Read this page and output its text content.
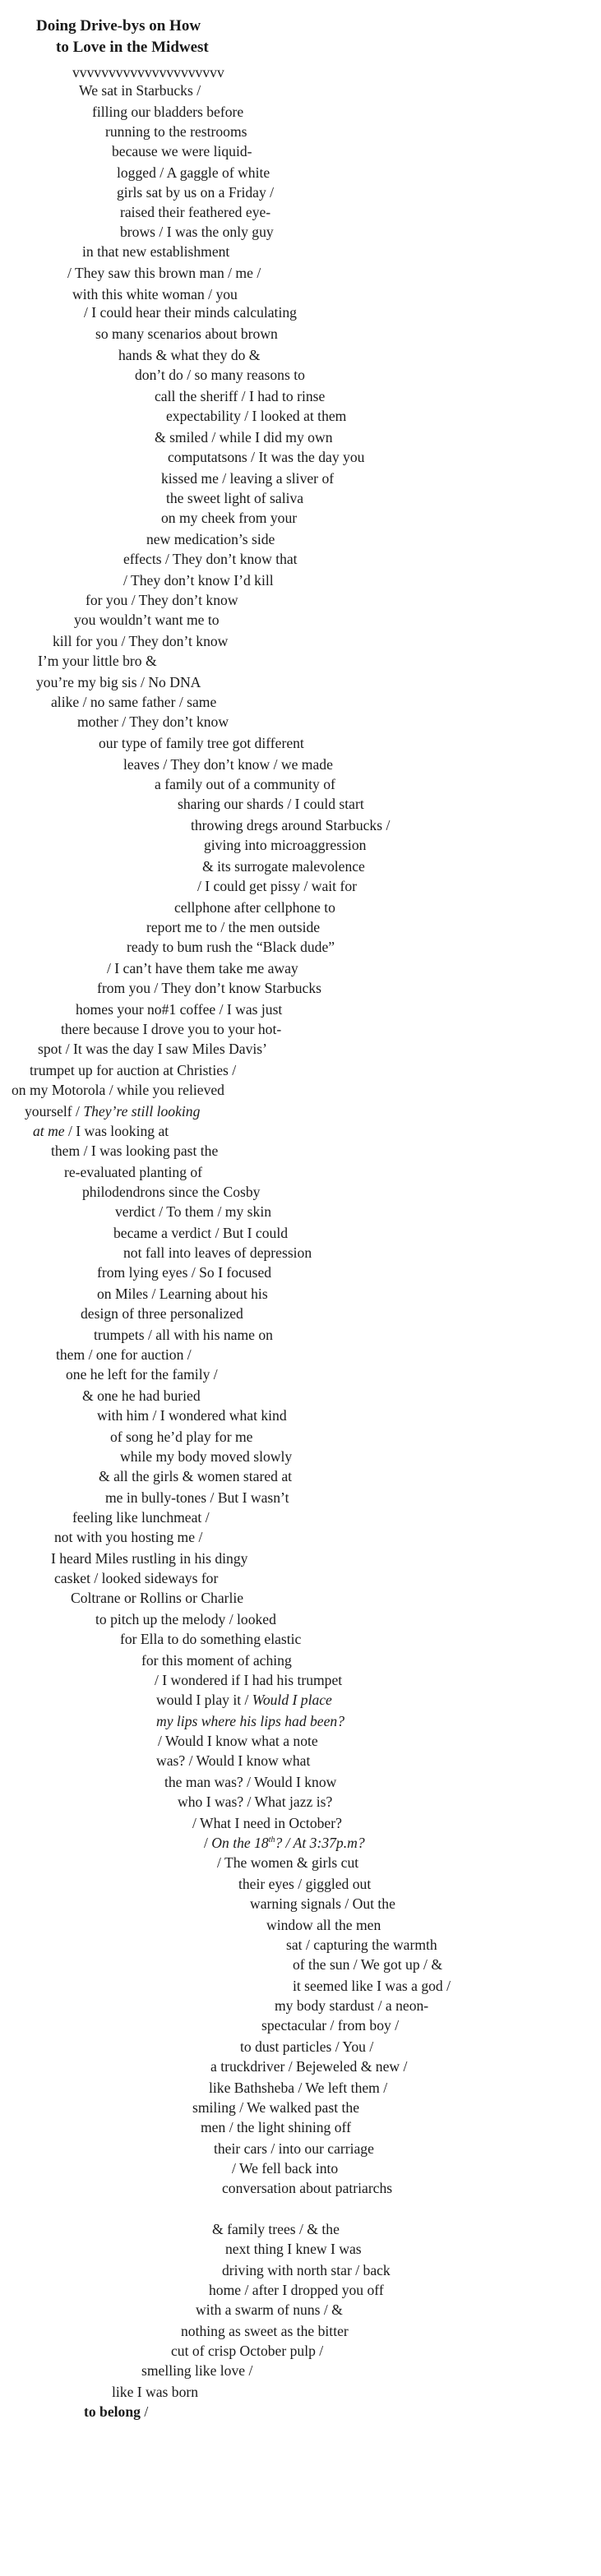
Doing Drive-bys on How
to Love in the Midwest
vvvvvvvvvvvvvvvvvvvvv
We sat in Starbucks /
filling our bladders before
running to the restrooms
because we were liquid-
logged / A gaggle of white
girls sat by us on a Friday /
raised their feathered eye-
brows / I was the only guy
in that new establishment
/ They saw this brown man / me /
with this white woman / you
/ I could hear their minds calculating
so many scenarios about brown
hands & what they do &
don’t do / so many reasons to
call the sheriff / I had to rinse
expectability / I looked at them
& smiled / while I did my own
computatsons / It was the day you
kissed me / leaving a sliver of
the sweet light of saliva
on my cheek from your
new medication’s side
effects / They don’t know that
/ They don’t know I’d kill
for you / They don’t know
you wouldn’t want me to
kill for you / They don’t know
I’m your little bro &
you’re my big sis / No DNA
alike / no same father / same
mother / They don’t know
our type of family tree got different
leaves / They don’t know / we made
a family out of a community of
sharing our shards / I could start
throwing dregs around Starbucks /
giving into microaggression
& its surrogate malevolence
/ I could get pissy / wait for
cellphone after cellphone to
report me to / the men outside
ready to bum rush the “Black dude”
/ I can’t have them take me away
from you / They don’t know Starbucks
homes your no#1 coffee / I was just
there because I drove you to your hot-
spot / It was the day I saw Miles Davis’
trumpet up for auction at Christies /
on my Motorola / while you relieved
yourself / They’re still looking
at me / I was looking at
them / I was looking past the
re-evaluated planting of
philodendrons since the Cosby
verdict / To them / my skin
became a verdict / But I could
not fall into leaves of depression
from lying eyes / So I focused
on Miles / Learning about his
design of three personalized
trumpets / all with his name on
them / one for auction /
one he left for the family /
& one he had buried
with him / I wondered what kind
of song he’d play for me
while my body moved slowly
& all the girls & women stared at
me in bully-tones / But I wasn’t
feeling like lunchmeat /
not with you hosting me /
I heard Miles rustling in his dingy
casket / looked sideways for
Coltrane or Rollins or Charlie
to pitch up the melody / looked
for Ella to do something elastic
for this moment of aching
/ I wondered if I had his trumpet
would I play it / Would I place
my lips where his lips had been?
/ Would I know what a note
was? / Would I know what
the man was? / Would I know
who I was? / What jazz is?
/ What I need in October?
/ On the 18th? / At 3:37p.m?
/ The women & girls cut
their eyes / giggled out
warning signals / Out the
window all the men
sat / capturing the warmth
of the sun / We got up / &
it seemed like I was a god /
my body stardust / a neon-
spectacular / from boy /
to dust particles / You /
a truckdriver / Bejeweled & new /
like Bathsheba / We left them /
smiling / We walked past the
men / the light shining off
their cars / into our carriage
/ We fell back into
conversation about patriarchs
& family trees / & the
next thing I knew I was
driving with north star / back
home / after I dropped you off
with a swarm of nuns / &
nothing as sweet as the bitter
cut of crisp October pulp /
smelling like love /
like I was born
to belong /
